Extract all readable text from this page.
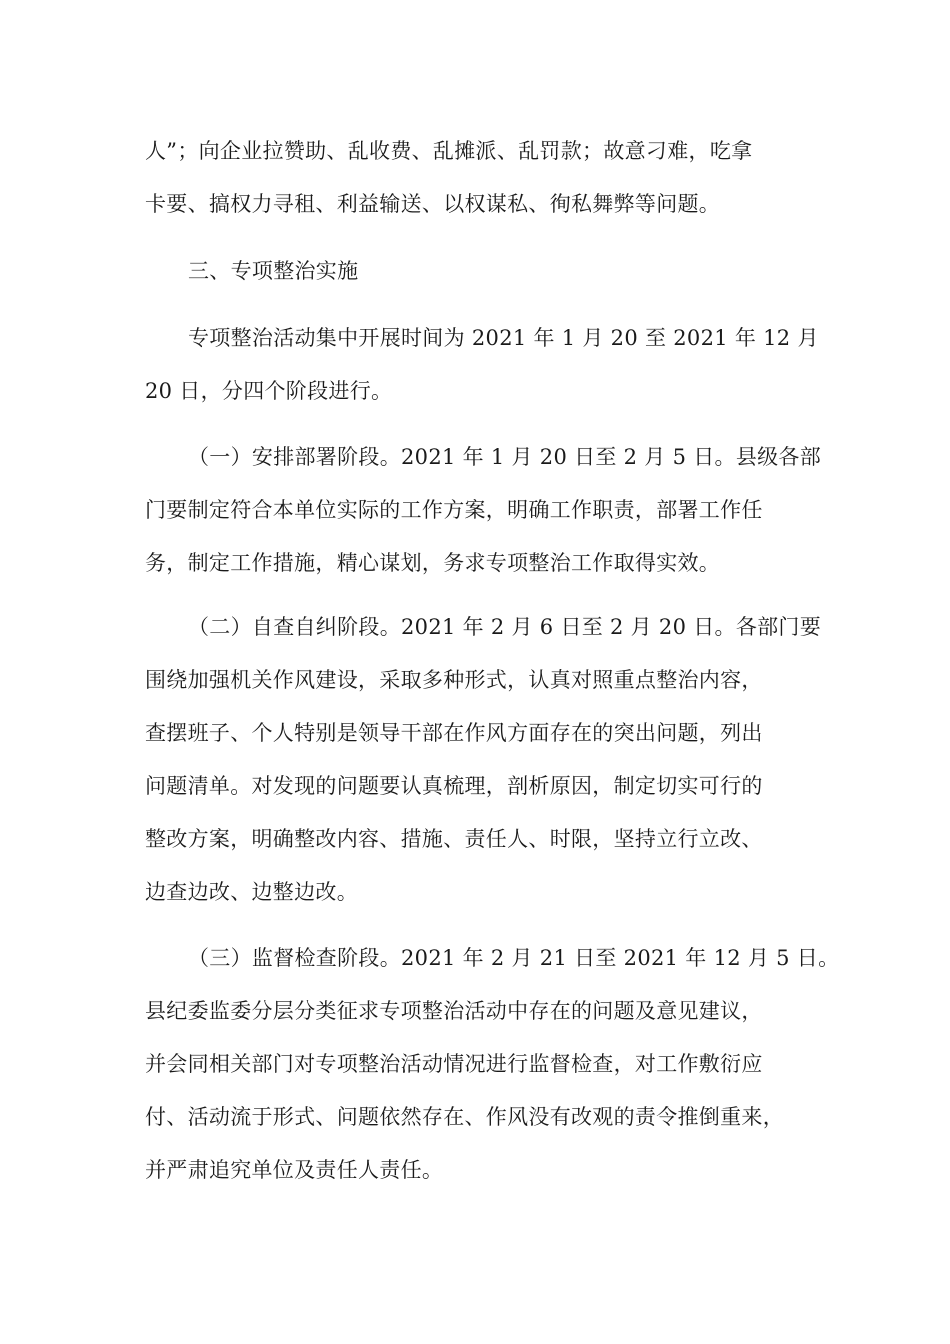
人”；向企业拉赞助、乱收费、乱摊派、乱罚款；故意刁难，吃拿
卡要、搞权力寻租、利益输送、以权谋私、徇私舞弊等问题。
三、专项整治实施
专项整治活动集中开展时间为 2021 年 1 月 20 至 2021 年 12 月
20 日，分四个阶段进行。
（一）安排部署阶段。2021 年 1 月 20 日至 2 月 5 日。县级各部
门要制定符合本单位实际的工作方案，明确工作职责，部署工作任
务，制定工作措施，精心谋划，务求专项整治工作取得实效。
（二）自查自纠阶段。2021 年 2 月 6 日至 2 月 20 日。各部门要
围绕加强机关作风建设，采取多种形式，认真对照重点整治内容，
查摆班子、个人特别是领导干部在作风方面存在的突出问题，列出
问题清单。对发现的问题要认真梳理，剖析原因，制定切实可行的
整改方案，明确整改内容、措施、责任人、时限，坚持立行立改、
边查边改、边整边改。
（三）监督检查阶段。2021 年 2 月 21 日至 2021 年 12 月 5 日。
县纪委监委分层分类征求专项整治活动中存在的问题及意见建议，
并会同相关部门对专项整治活动情况进行监督检查，对工作敷衍应
付、活动流于形式、问题依然存在、作风没有改观的责令推倒重来，
并严肃追究单位及责任人责任。
